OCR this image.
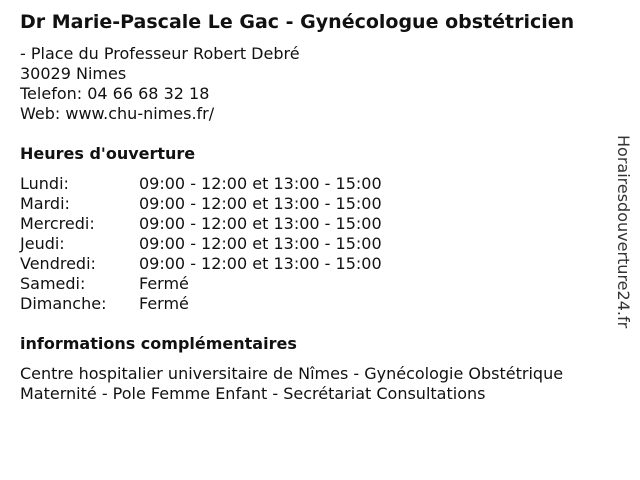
Dr Marie-Pascale Le Gac - Gynécologue obstétricien
- Place du Professeur Robert Debré
30029 Nimes
Telefon: 04 66 68 32 18
Web: www.chu-nimes.fr/
Heures d'ouverture
Lundi:	09:00 - 12:00 et 13:00 - 15:00
Mardi:	09:00 - 12:00 et 13:00 - 15:00
Mercredi:	09:00 - 12:00 et 13:00 - 15:00
Jeudi:	09:00 - 12:00 et 13:00 - 15:00
Vendredi:	09:00 - 12:00 et 13:00 - 15:00
Samedi:	Fermé
Dimanche: Fermé
informations complémentaires
Centre hospitalier universitaire de Nîmes - Gynécologie Obstétrique
Maternité - Pole Femme Enfant - Secrétariat Consultations
Horairesdouverture24.fr
